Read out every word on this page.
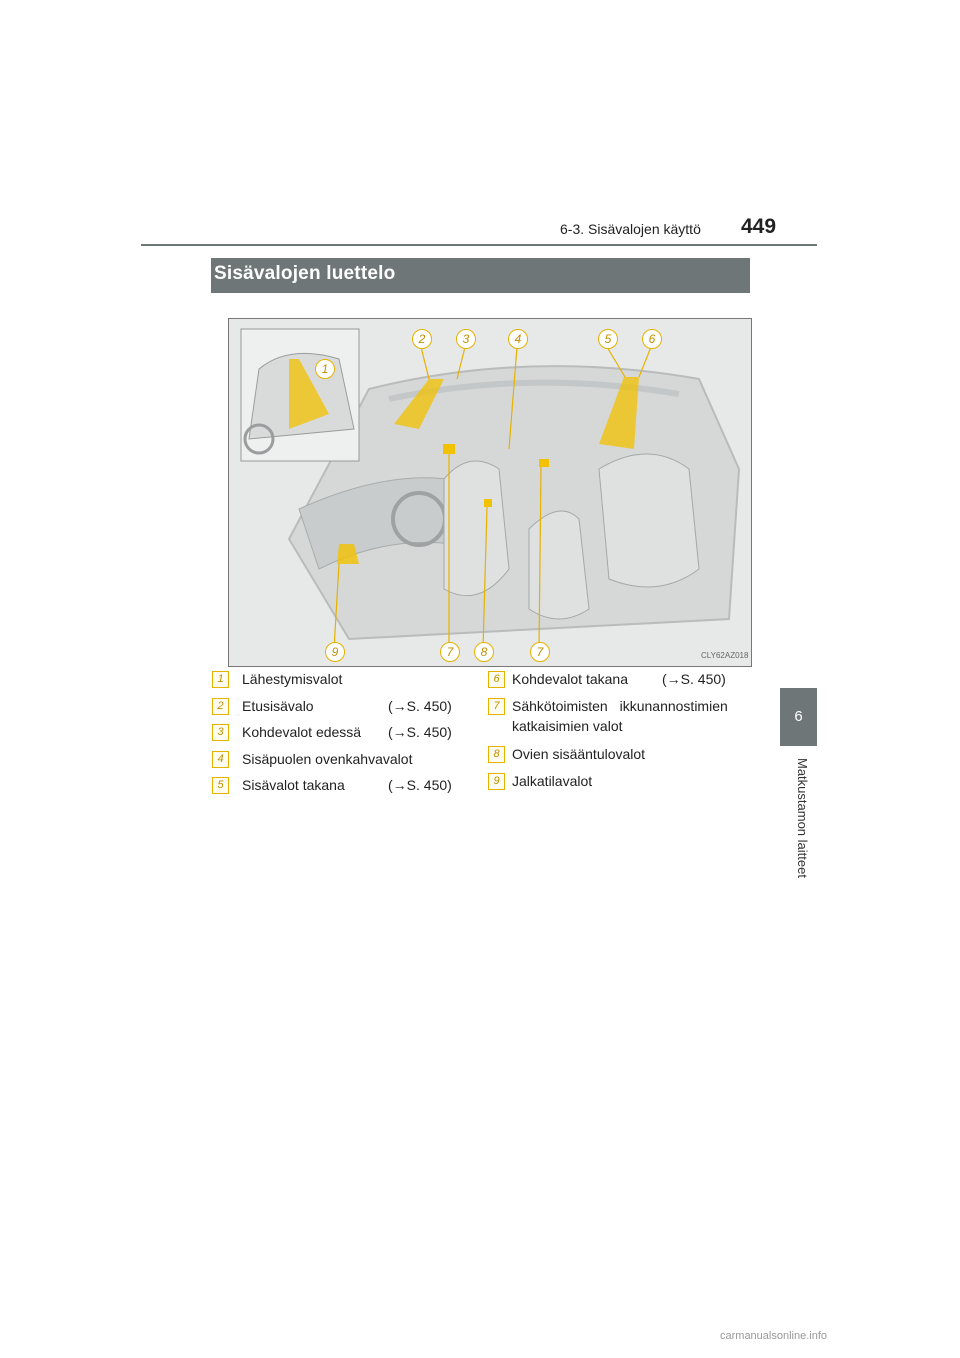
6-3. Sisävalojen käyttö 449
6
Matkustamon laitteet
Sisävalojen luettelo
1
2	3	4	5	6
7	8	7
9	CLY62AZ018
1	Lähestymisvalot
2	Etusisävalo	(→S. 450)
3	Kohdevalot edessä (→S. 450)
4	Sisäpuolen ovenkahvavalot
5	Sisävalot takana	(→S. 450)
6 Kohdevalot takana (→S. 450)
7 Sähkötoimisten ikkunannostimien
katkaisimien valot
8 Ovien sisääntulovalot
9 Jalkatilavalot
carmanualsonline.info
